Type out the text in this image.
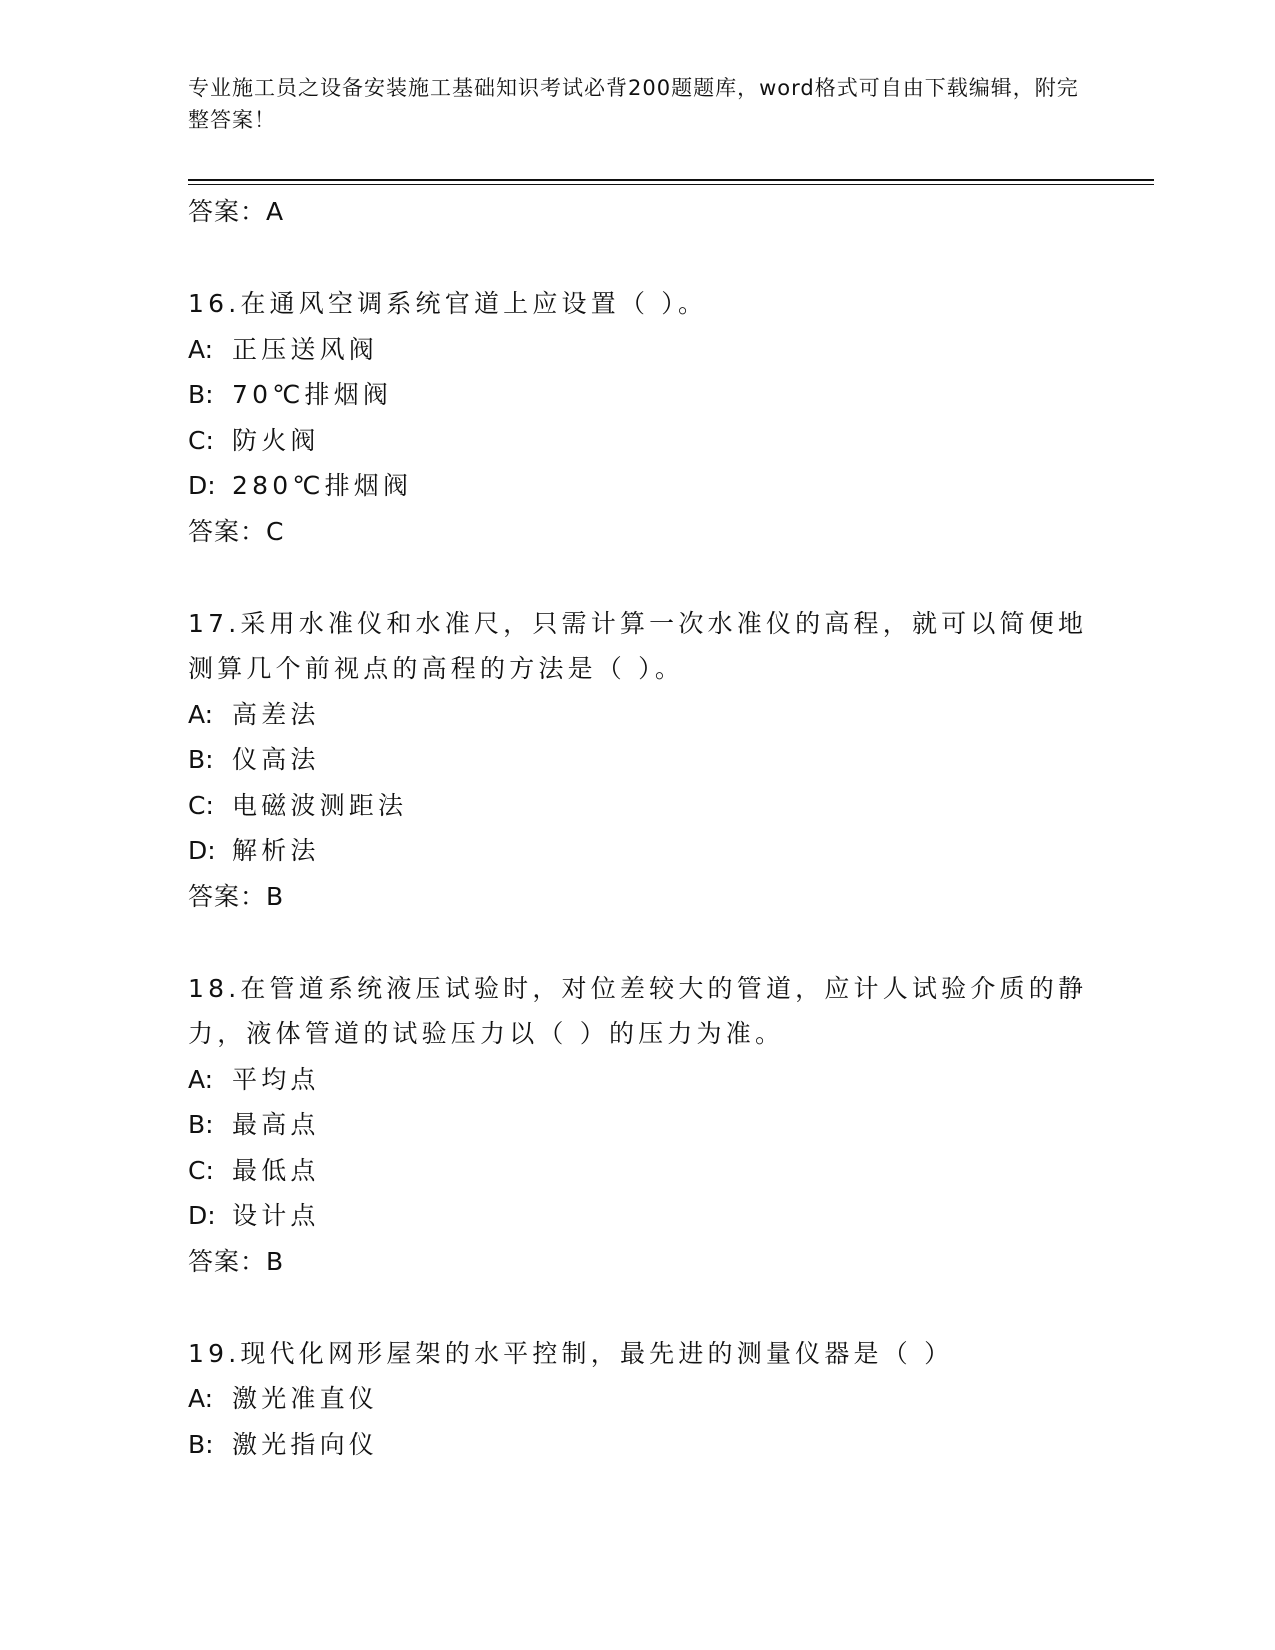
专业施工员之设备安装施工基础知识考试必背200题题库，word格式可自由下载编辑，附完整答案！
答案：A
16.在通风空调系统官道上应设置（ ）。
A: 正压送风阀
B: 70℃排烟阀
C: 防火阀
D: 280℃排烟阀
答案：C
17.采用水准仪和水准尺，只需计算一次水准仪的高程，就可以简便地测算几个前视点的高程的方法是（ ）。
A: 高差法
B: 仪高法
C: 电磁波测距法
D: 解析法
答案：B
18.在管道系统液压试验时，对位差较大的管道，应计人试验介质的静力，液体管道的试验压力以（ ）的压力为准。
A: 平均点
B: 最高点
C: 最低点
D: 设计点
答案：B
19.现代化网形屋架的水平控制，最先进的测量仪器是（ ）
A: 激光准直仪
B: 激光指向仪
